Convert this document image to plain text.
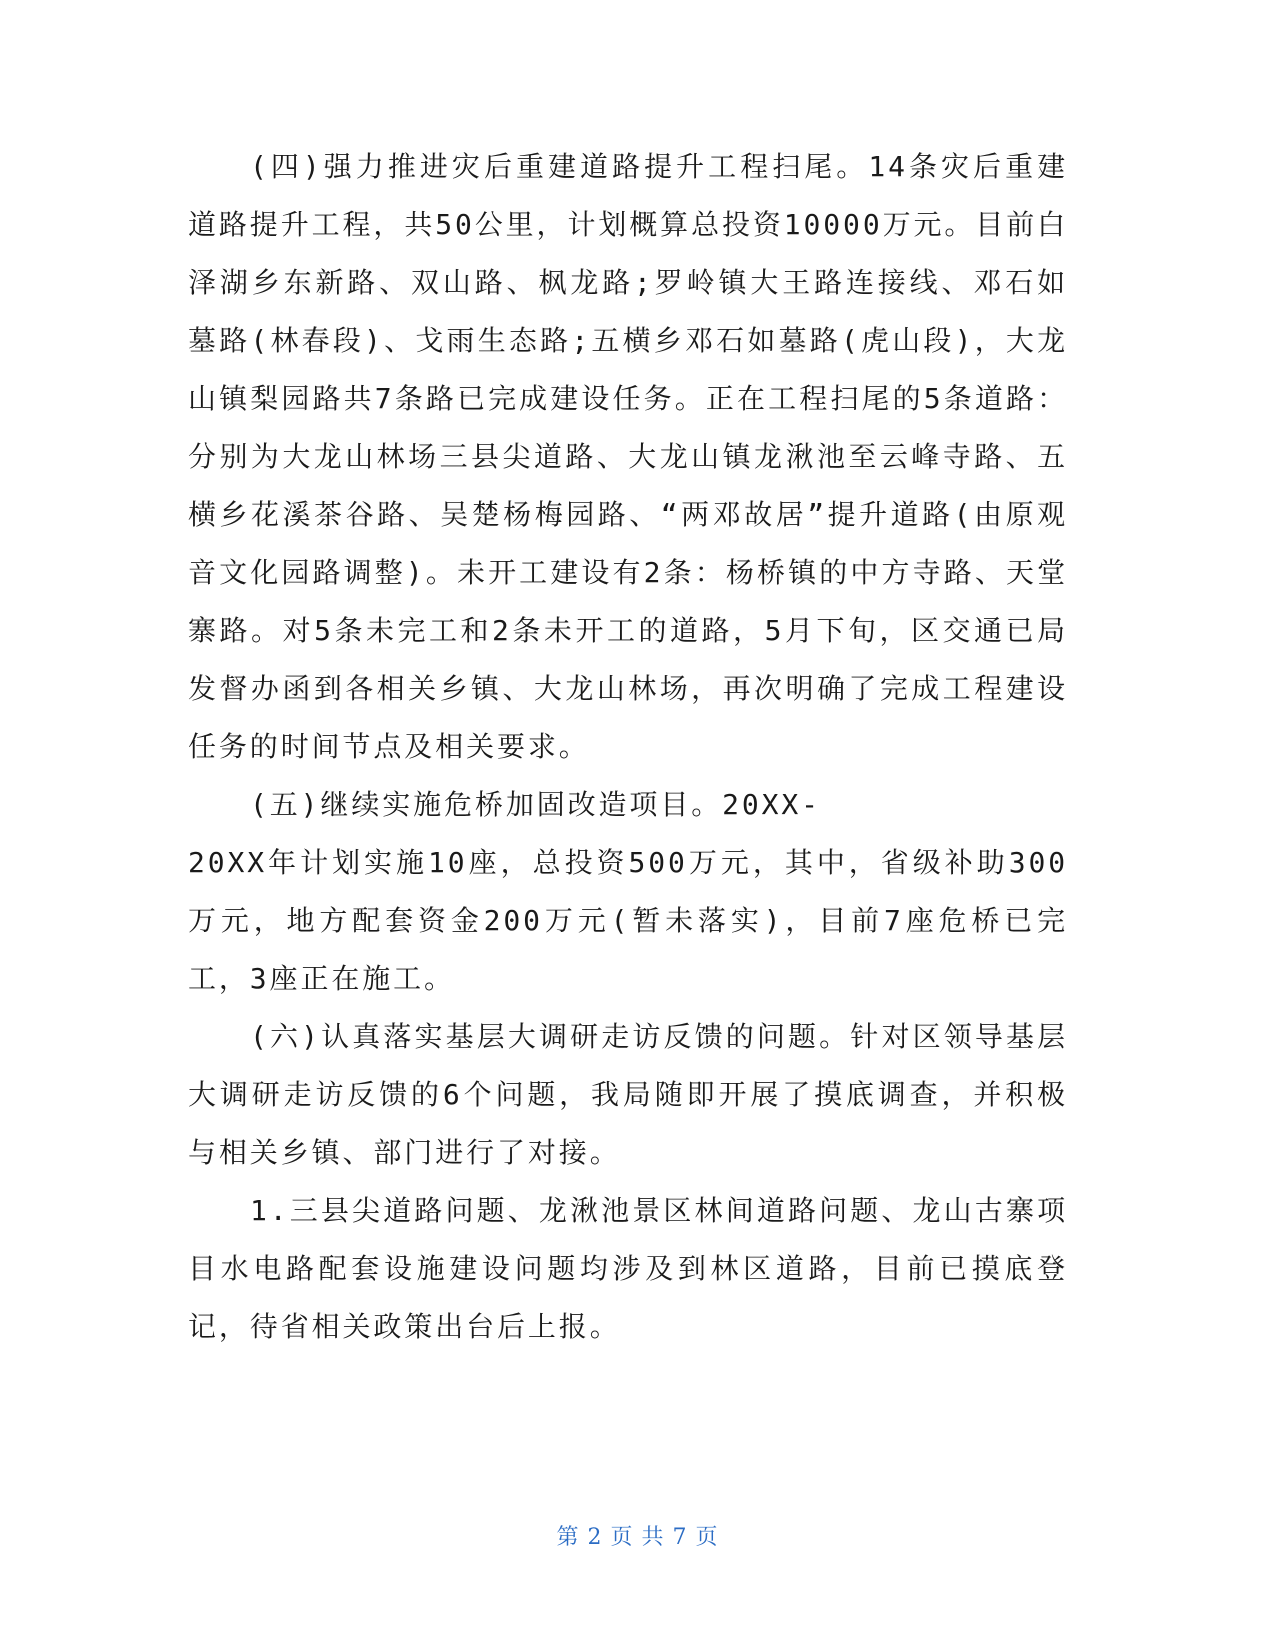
(四)强力推进灾后重建道路提升工程扫尾。14条灾后重建道路提升工程，共50公里，计划概算总投资10000万元。目前白泽湖乡东新路、双山路、枫龙路;罗岭镇大王路连接线、邓石如墓路(林春段)、戈雨生态路;五横乡邓石如墓路(虎山段)，大龙山镇梨园路共7条路已完成建设任务。正在工程扫尾的5条道路：分别为大龙山林场三县尖道路、大龙山镇龙湫池至云峰寺路、五横乡花溪茶谷路、吴楚杨梅园路、“两邓故居”提升道路(由原观音文化园路调整)。未开工建设有2条：杨桥镇的中方寺路、天堂寨路。对5条未完工和2条未开工的道路，5月下旬，区交通已局发督办函到各相关乡镇、大龙山林场，再次明确了完成工程建设任务的时间节点及相关要求。

(五)继续实施危桥加固改造项目。20XX-

20XX年计划实施10座，总投资500万元，其中，省级补助300万元，地方配套资金200万元(暂未落实)，目前7座危桥已完工，3座正在施工。

(六)认真落实基层大调研走访反馈的问题。针对区领导基层大调研走访反馈的6个问题，我局随即开展了摸底调查，并积极与相关乡镇、部门进行了对接。

1.三县尖道路问题、龙湫池景区林间道路问题、龙山古寨项目水电路配套设施建设问题均涉及到林区道路，目前已摸底登记，待省相关政策出台后上报。

第 2 页 共 7 页
